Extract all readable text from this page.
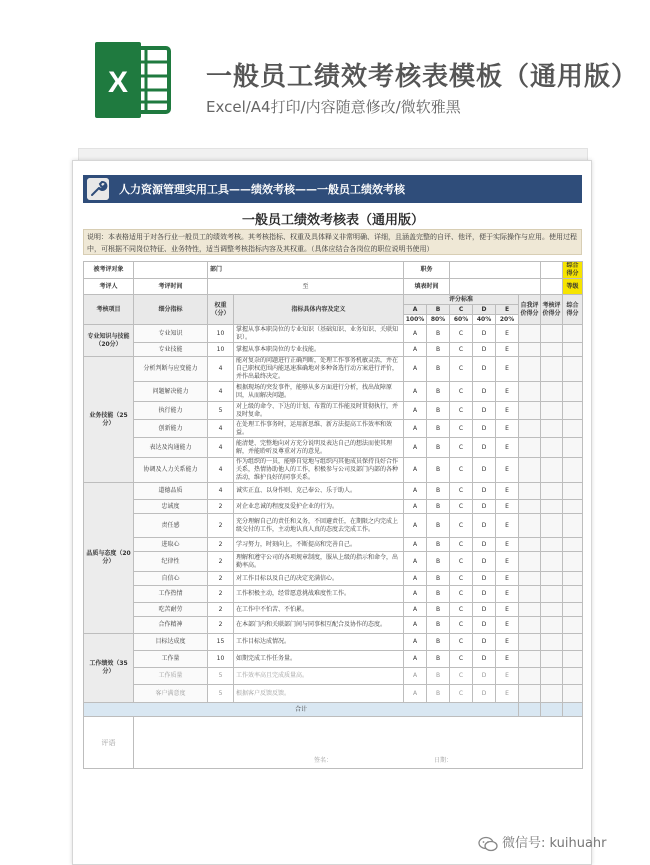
X	一般员工绩效考核表模板（通用版）
Excel/A4打印/内容随意修改/微软雅黑
人力资源管理实用工具——绩效考核——一般员工绩效考核
一般员工绩效考核表（通用版）
说明：本表格适用于对各行业一般员工的绩效考核。其考核指标、权重及具体释义非常明确、详细，且涵盖完整的自评、他评，便于实际操作与应用。使用过程中，可根据不同岗位特征、业务特性，适当调整考核指标内容及其权重。（具体应结合各岗位的职位说明书使用）
被考评对象		部门		职务							综合得分
考评人	考评时间	至		填表时间							等级
考核项目	细分指标	权重（分）	指标具体内容及定义	评分标准					自我评价得分	考核评价得分	综合得分
				A	B	C	D	E			
				100%	80%	60%	40%	20%			
专业知识与技能（20分）	专业知识	10	掌握从事本职岗位的专业知识（基础知识、业务知识、关联知识）。	A	B	C	D	E			
	专业技能	10	掌握从事本职岗位的专业技能。	A	B	C	D	E			
业务技能（25分）	分析判断与应变能力	4	能对复杂的问题进行正确判断，处理工作事务机敏灵活，并在自己职权范围内能迅速准确地对多种备选行动方案进行评价，并作出最终决定。	A	B	C	D	E			
	问题解决能力	4	根据现场的突发事件，能够从多方面进行分析，找出故障原因，从而解决问题。	A	B	C	D	E			
	执行能力	5	对上级的命令、下达的计划、布置的工作能及时贯彻执行，并及时复命。	A	B	C	D	E			
	创新能力	4	在处理工作事务时，运用新思维、新方法提高工作效率和效益。	A	B	C	D	E			
	表达及沟通能力	4	能清楚、完整地向对方充分说明及表达自己的想法而使其理解，并能聆听及尊重对方的意见。	A	B	C	D	E			
	协调及人力关系能力	4	作为组织的一员，能够自觉地与组织内其他成员保持良好合作关系，热情协助他人的工作，积极参与公司及部门内部的各种活动，维护良好的同事关系。	A	B	C	D	E			
品质与态度（20分）	道德品质	4	诚实正直、以身作则、克己奉公、乐于助人。	A	B	C	D	E			
	忠诚度	2	对企业忠诚的程度及爱护企业的行为。	A	B	C	D	E			
	责任感	2	充分理解自己的责任和义务，不回避责任，在期限之内完成上级交付的工作，主动地认真人真的态度去完成工作。	A	B	C	D	E			
	进取心	2	学习努力，时刻向上，不断提高和完善自己。	A	B	C	D	E			
	纪律性	2	理解和遵守公司的各项规章制度，服从上级的指示和命令，出勤率高。	A	B	C	D	E			
	自信心	2	对工作目标以及自己的决定充满信心。	A	B	C	D	E			
	工作热情	2	工作积极主动，经常愿意挑战难度性工作。	A	B	C	D	E			
	吃苦耐劳	2	在工作中不怕苦、不怕累。	A	B	C	D	E			
	合作精神	2	在本部门内和关联部门间与同事相互配合及协作的态度。	A	B	C	D	E			
工作绩效（35分）	目标达成度	15	工作目标达成情况。	A	B	C	D	E			
	工作量	10	如期完成工作任务量。	A	B	C	D	E			
	工作质量	5	工作效率高且完成质量高。	A	B	C	D	E			
	客户满意度	5	根据客户反馈反馈。	A	B	C	D	E			
合计											
评语	签名： 日期：										
微信号: kuihuahr
